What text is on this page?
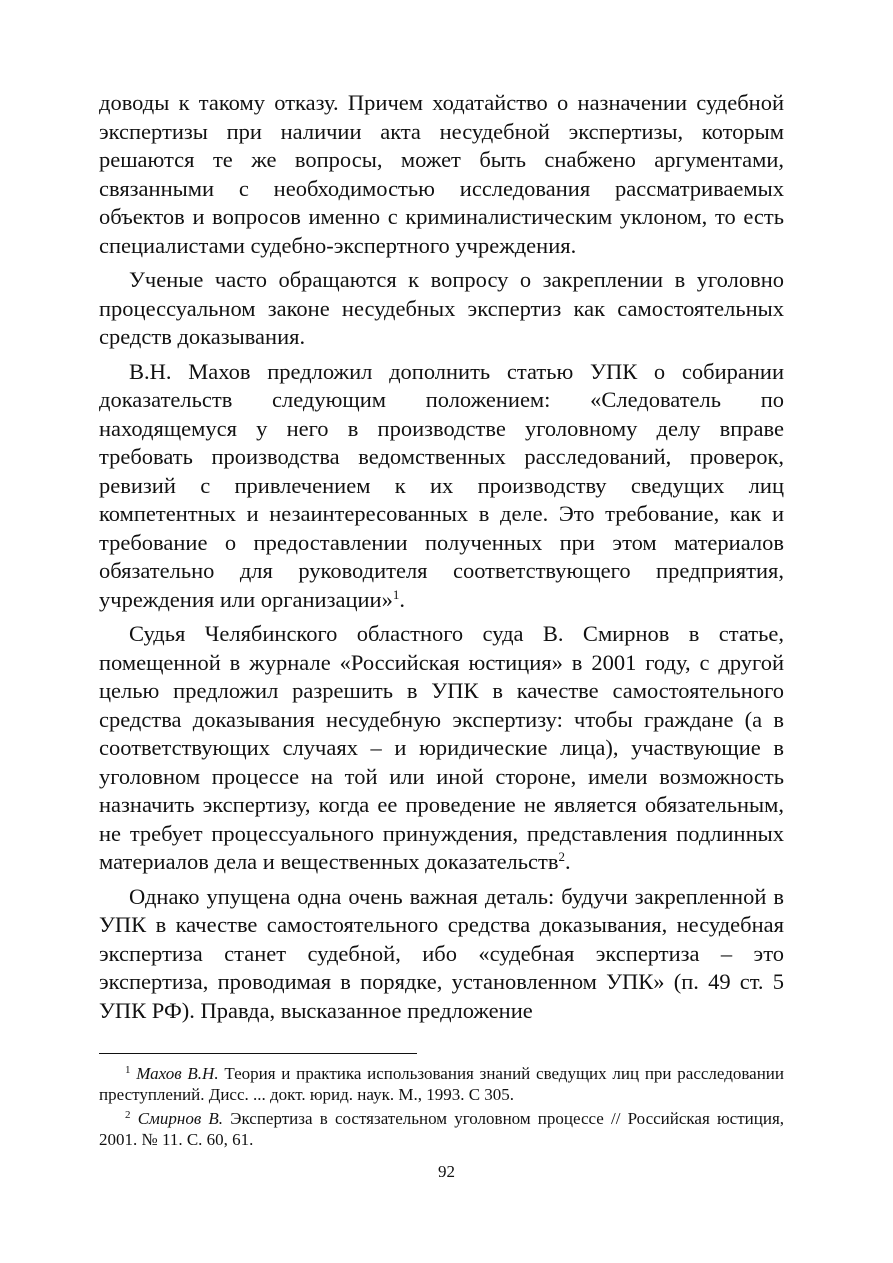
доводы к такому отказу. Причем ходатайство о назначении судебной экспертизы при наличии акта несудебной экспертизы, которым решаются те же вопросы, может быть снабжено аргументами, связанными с необходимостью исследования рассматриваемых объектов и вопросов именно с криминалистическим уклоном, то есть специалистами судебно-экспертного учреждения.

Ученые часто обращаются к вопросу о закреплении в уголовно процессуальном законе несудебных экспертиз как самостоятельных средств доказывания.

В.Н. Махов предложил дополнить статью УПК о собирании доказательств следующим положением: «Следователь по находящемуся у него в производстве уголовному делу вправе требовать производства ведомственных расследований, проверок, ревизий с привлечением к их производству сведущих лиц компетентных и незаинтересованных в деле. Это требование, как и требование о предоставлении полученных при этом материалов обязательно для руководителя соответствующего предприятия, учреждения или организации»$^1$.

Судья Челябинского областного суда В. Смирнов в статье, помещенной в журнале «Российская юстиция» в 2001 году, с другой целью предложил разрешить в УПК в качестве самостоятельного средства доказывания несудебную экспертизу: чтобы граждане (а в соответствующих случаях – и юридические лица), участвующие в уголовном процессе на той или иной стороне, имели возможность назначить экспертизу, когда ее проведение не является обязательным, не требует процессуального принуждения, представления подлинных материалов дела и вещественных доказательств$^2$.

Однако упущена одна очень важная деталь: будучи закрепленной в УПК в качестве самостоятельного средства доказывания, несудебная экспертиза станет судебной, ибо «судебная экспертиза – это экспертиза, проводимая в порядке, установленном УПК» (п. 49 ст. 5 УПК РФ). Правда, высказанное предложение

$^1$ Махов В.Н. Теория и практика использования знаний сведущих лиц при расследовании преступлений. Дисс. ... докт. юрид. наук. М., 1993. С 305.

$^2$ Смирнов В. Экспертиза в состязательном уголовном процессе // Российская юстиция, 2001. № 11. С. 60, 61.

92
